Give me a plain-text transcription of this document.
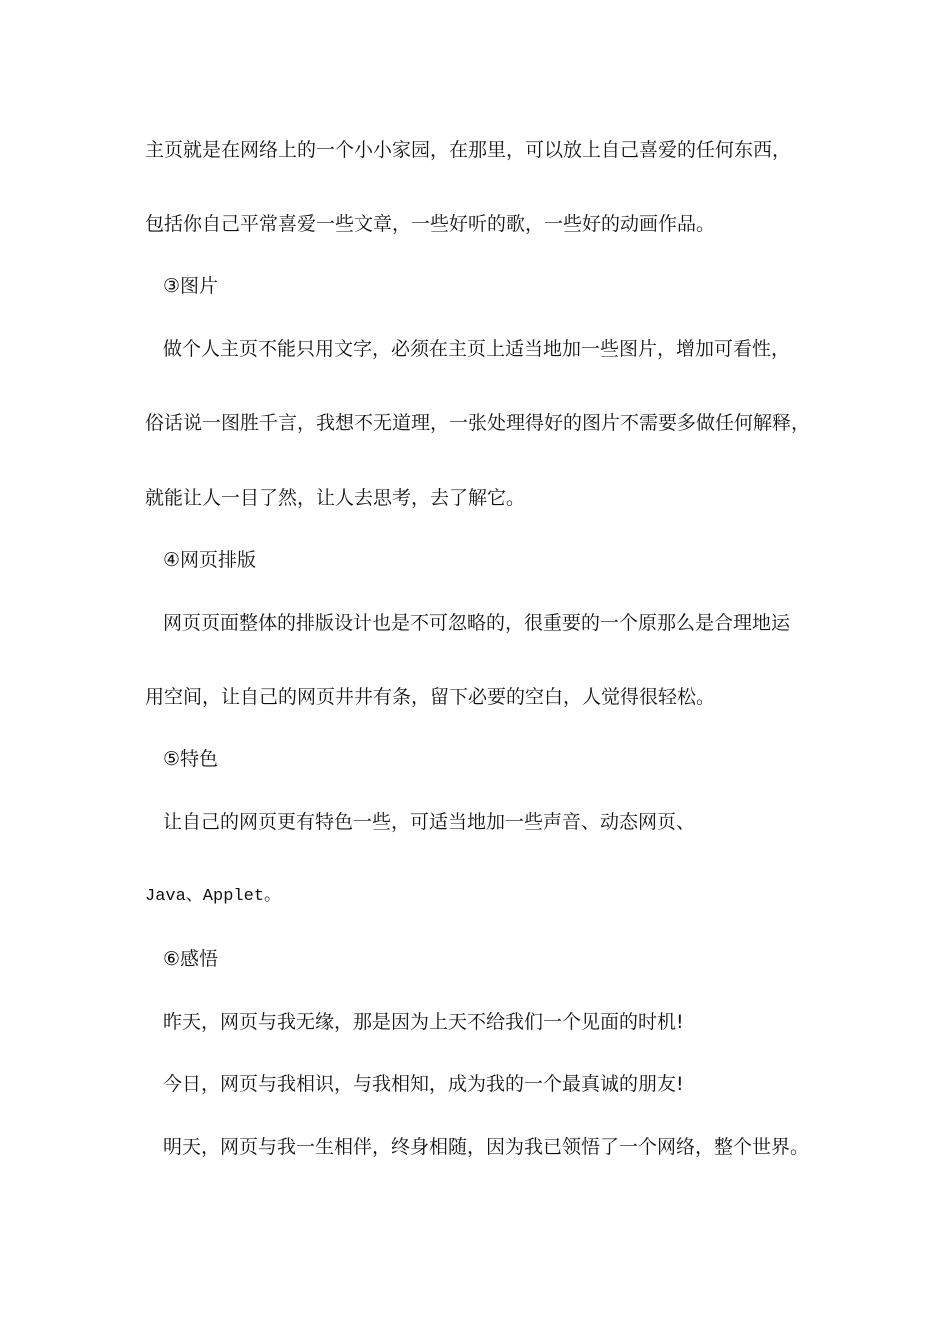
主页就是在网络上的一个小小家园，在那里，可以放上自己喜爱的任何东西，
包括你自己平常喜爱一些文章，一些好听的歌，一些好的动画作品。
③图片
做个人主页不能只用文字，必须在主页上适当地加一些图片，增加可看性，
俗话说一图胜千言，我想不无道理，一张处理得好的图片不需要多做任何解释，
就能让人一目了然，让人去思考，去了解它。
④网页排版
网页页面整体的排版设计也是不可忽略的，很重要的一个原那么是合理地运
用空间，让自己的网页井井有条，留下必要的空白，人觉得很轻松。
⑤特色
让自己的网页更有特色一些，可适当地加一些声音、动态网页、
Java、Applet。
⑥感悟
昨天，网页与我无缘，那是因为上天不给我们一个见面的时机!
今日，网页与我相识，与我相知，成为我的一个最真诚的朋友!
明天，网页与我一生相伴，终身相随，因为我已领悟了一个网络，整个世界。
